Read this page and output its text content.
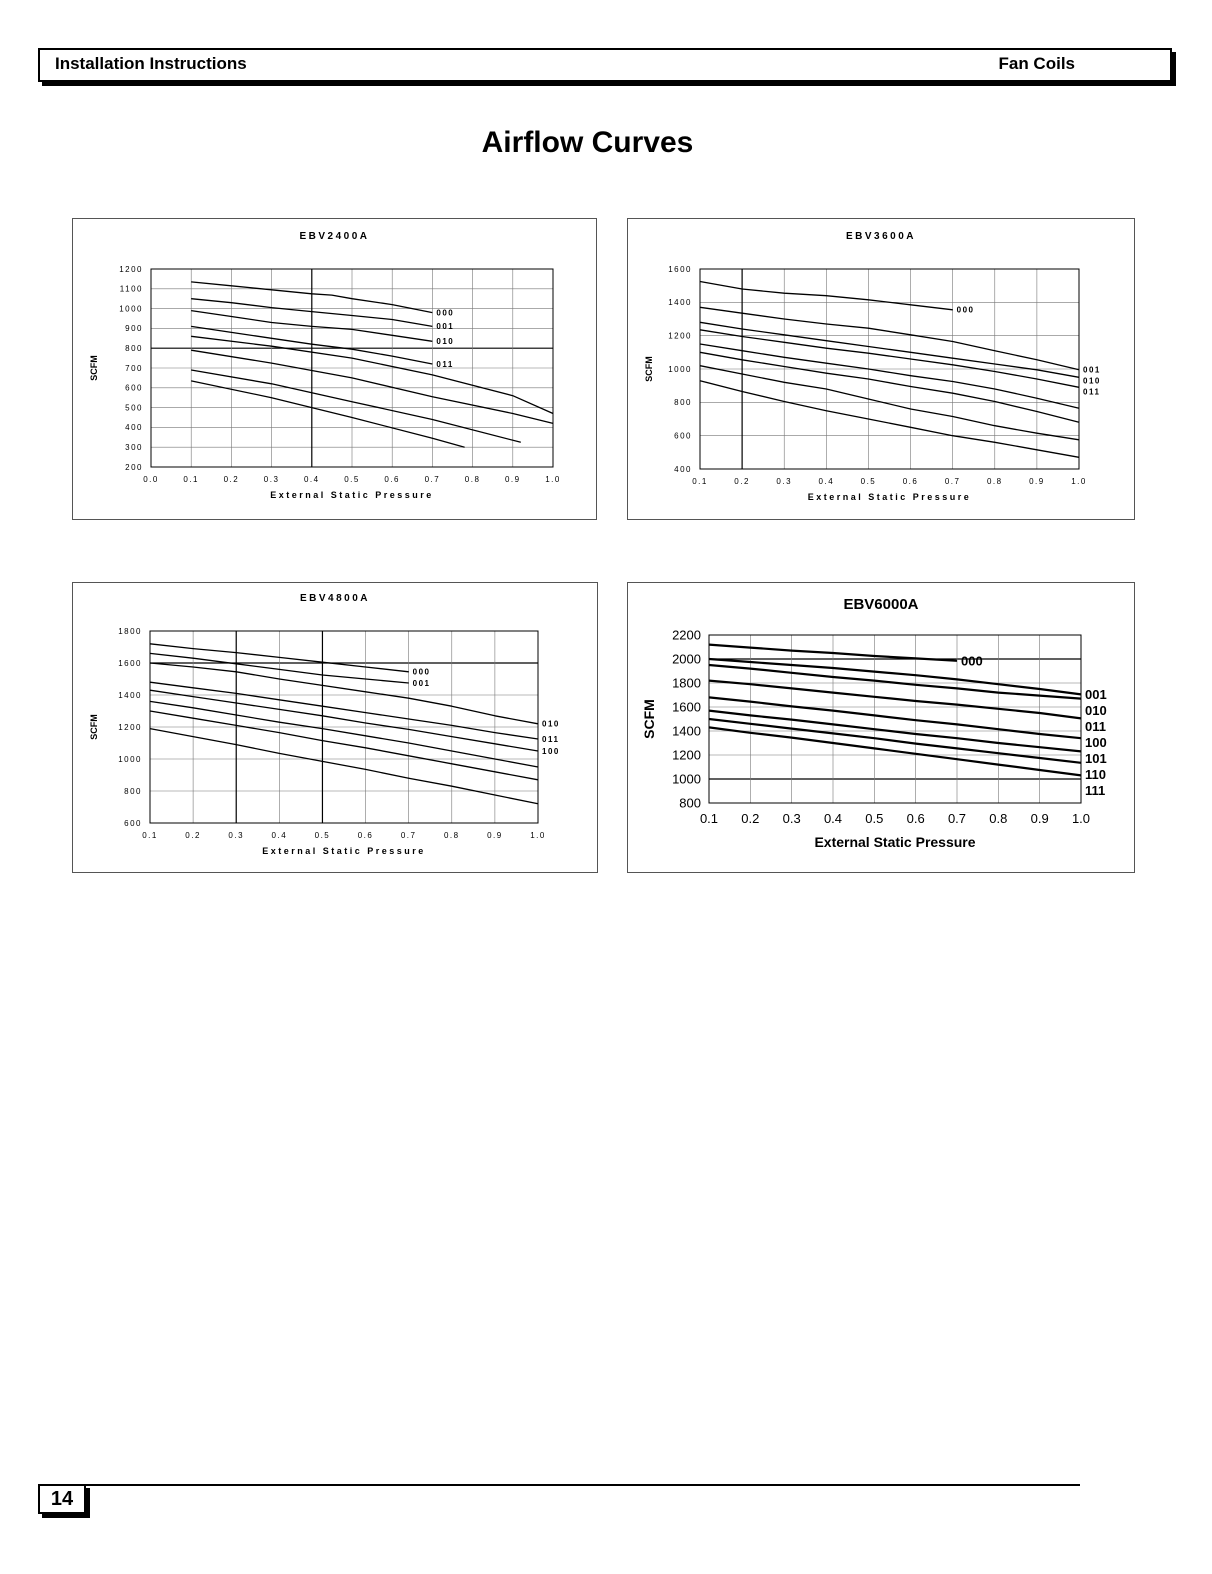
Installation Instructions	Fan Coils
Airflow Curves
EBV2400A
200
300
400
500
600
700
800
900
1000
1100
1200
0.0	0.1	0.2	0.3	0.4	0.5	0.6	0.7	0.8	0.9	1.0
External Static Pressure
SCFM
000
001
010
011
EBV3600A
400
600
800
1000
1200
1400
1600
0.1	0.2	0.3	0.4	0.5	0.6	0.7	0.8	0.9	1.0
External Static Pressure
SCFM
000
001
010
011
EBV4800A
600
800
1000
1200
1400
1600
1800
0.1	0.2	0.3	0.4	0.5	0.6	0.7	0.8	0.9	1.0
External Static Pressure
SCFM
000
001
010
011
100
EBV6000A
800
1000
1200
1400
1600
1800
2000
2200
0.1 0.2 0.3 0.4 0.5 0.6 0.7 0.8 0.9 1.0
External Static Pressure
SCFM
000
001
010
011
100
101
110
111
14
